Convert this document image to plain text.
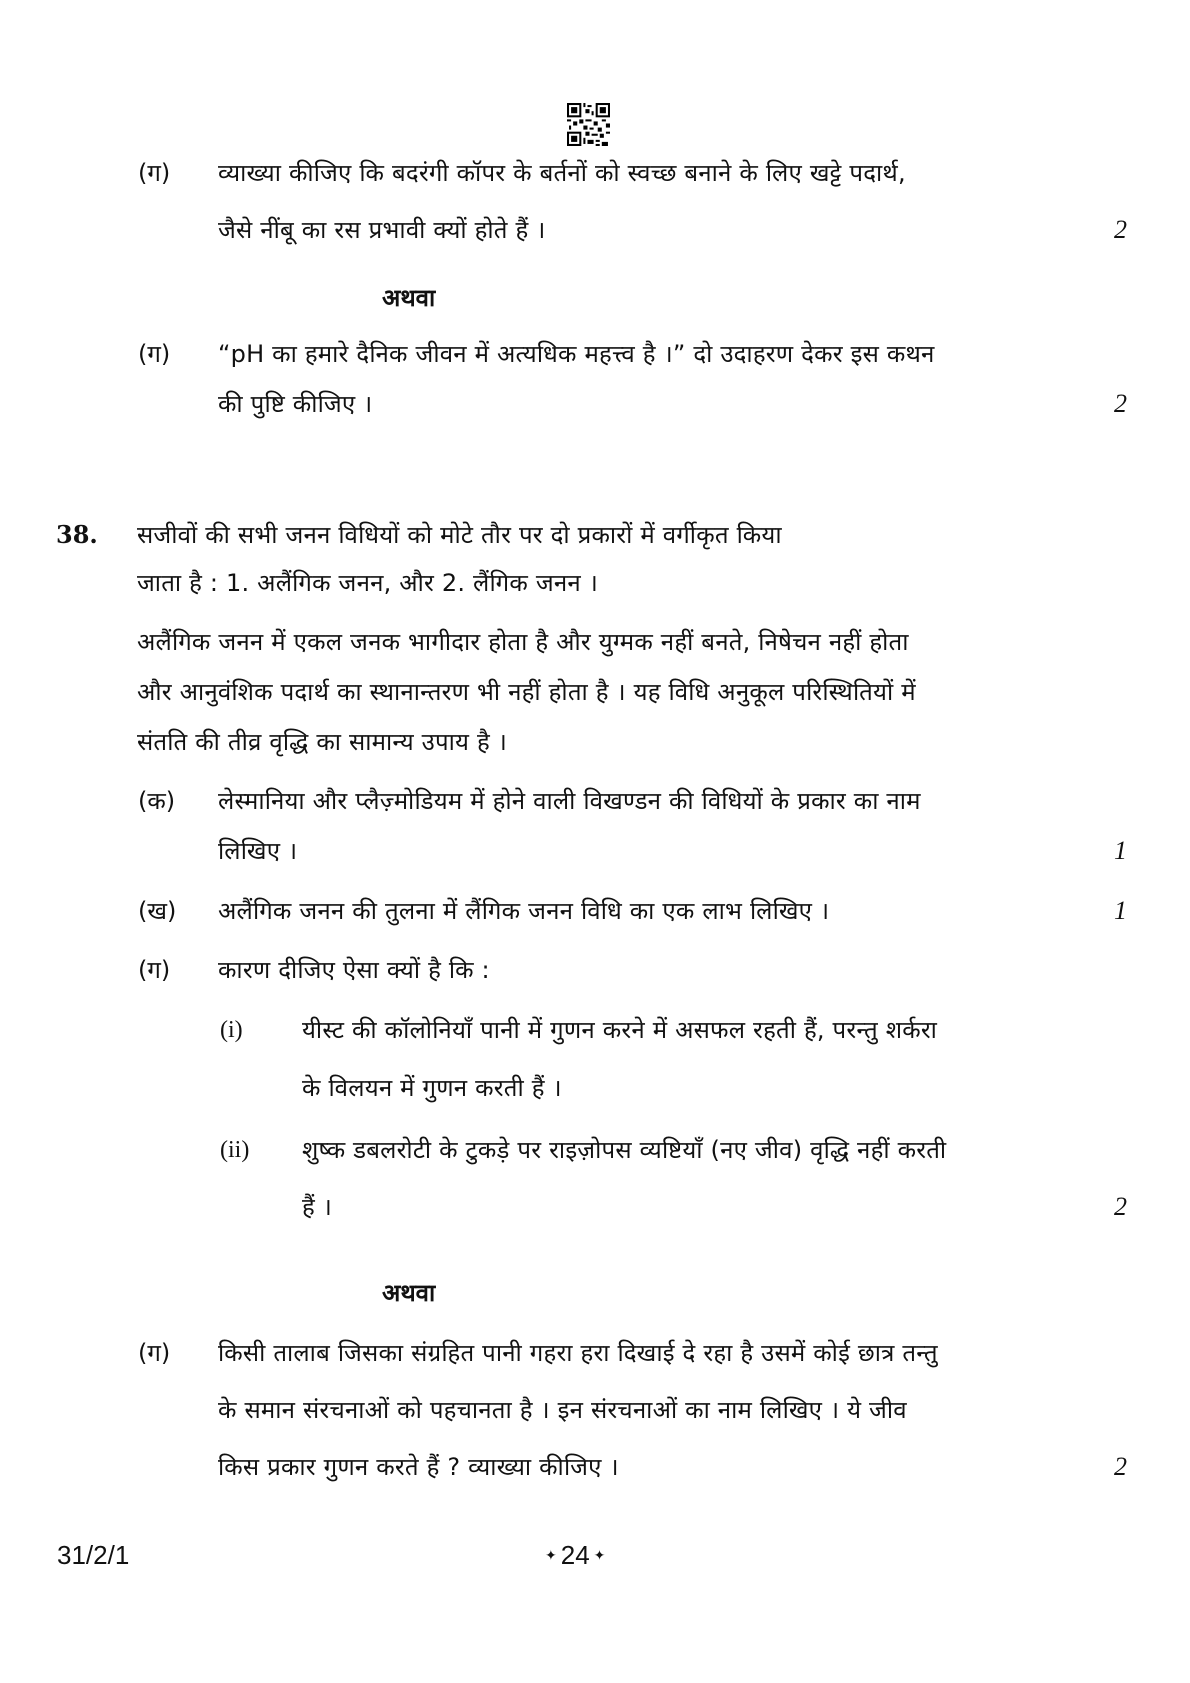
(ग) व्याख्या कीजिए कि बदरंगी कॉपर के बर्तनों को स्वच्छ बनाने के लिए खट्टे पदार्थ,
जैसे नींबू का रस प्रभावी क्यों होते हैं ।	2
अथवा
(ग) “pH का हमारे दैनिक जीवन में अत्यधिक महत्त्व है ।” दो उदाहरण देकर इस कथन
की पुष्टि कीजिए ।	2
38. सजीवों की सभी जनन विधियों को मोटे तौर पर दो प्रकारों में वर्गीकृत किया
जाता है : 1. अलैंगिक जनन, और 2. लैंगिक जनन ।
अलैंगिक जनन में एकल जनक भागीदार होता है और युग्मक नहीं बनते, निषेचन नहीं होता
और आनुवंशिक पदार्थ का स्थानान्तरण भी नहीं होता है । यह विधि अनुकूल परिस्थितियों में
संतति की तीव्र वृद्धि का सामान्य उपाय है ।
(क) लेस्मानिया और प्लैज़्मोडियम में होने वाली विखण्डन की विधियों के प्रकार का नाम
लिखिए ।	1
(ख) अलैंगिक जनन की तुलना में लैंगिक जनन विधि का एक लाभ लिखिए ।	1
(ग) कारण दीजिए ऐसा क्यों है कि :
(i) यीस्ट की कॉलोनियाँ पानी में गुणन करने में असफल रहती हैं, परन्तु शर्करा
के विलयन में गुणन करती हैं ।
(ii) शुष्क डबलरोटी के टुकड़े पर राइज़ोपस व्यष्टियाँ (नए जीव) वृद्धि नहीं करती
हैं ।	2
अथवा
(ग) किसी तालाब जिसका संग्रहित पानी गहरा हरा दिखाई दे रहा है उसमें कोई छात्र तन्तु
के समान संरचनाओं को पहचानता है । इन संरचनाओं का नाम लिखिए । ये जीव
किस प्रकार गुणन करते हैं ? व्याख्या कीजिए ।	2
31/2/1	✦ 24 ✦
